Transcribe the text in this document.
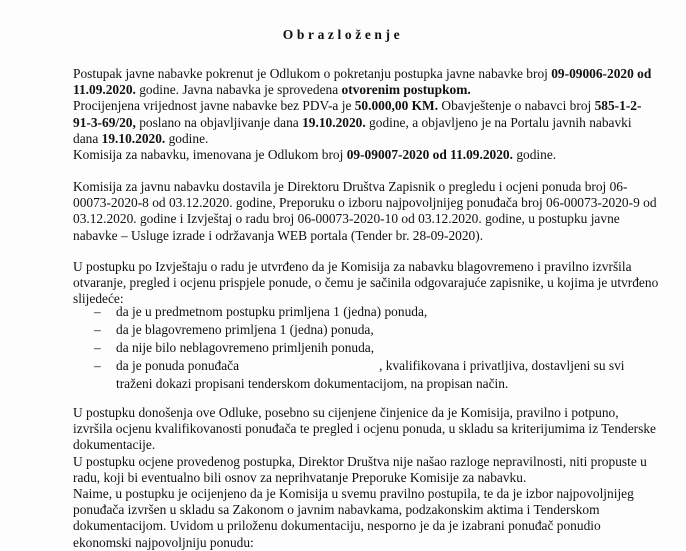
Obrazloženje
Postupak javne nabavke pokrenut je Odlukom o pokretanju postupka javne nabavke broj 09-09006-2020 od
11.09.2020. godine. Javna nabavka je sprovedena otvorenim postupkom.
Procijenjena vrijednost javne nabavke bez PDV-a je 50.000,00 KM. Obavještenje o nabavci broj 585-1-2-
91-3-69/20, poslano na objavljivanje dana 19.10.2020. godine, a objavljeno je na Portalu javnih nabavki
dana 19.10.2020. godine.
Komisija za nabavku, imenovana je Odlukom broj 09-09007-2020 od 11.09.2020. godine.
Komisija za javnu nabavku dostavila je Direktoru Društva Zapisnik o pregledu i ocjeni ponuda broj 06-
00073-2020-8 od 03.12.2020. godine, Preporuku o izboru najpovoljnijeg ponuđača broj 06-00073-2020-9 od
03.12.2020. godine i Izvještaj o radu broj 06-00073-2020-10 od 03.12.2020. godine, u postupku javne
nabavke – Usluge izrade i održavanja WEB portala (Tender br. 28-09-2020).
U postupku po Izvještaju o radu je utvrđeno da je Komisija za nabavku blagovremeno i pravilno izvršila
otvaranje, pregled i ocjenu prispjele ponude, o čemu je sačinila odgovarajuće zapisnike, u kojima je utvrđeno
slijedeće:
–	da je u predmetnom postupku primljena 1 (jedna) ponuda,
–	da je blagovremeno primljena 1 (jedna) ponuda,
–	da nije bilo neblagovremeno primljenih ponuda,
–	da je ponuda ponuđača	, kvalifikovana i privatljiva, dostavljeni su svi
traženi dokazi propisani tenderskom dokumentacijom, na propisan način.
U postupku donošenja ove Odluke, posebno su cijenjene činjenice da je Komisija, pravilno i potpuno,
izvršila ocjenu kvalifikovanosti ponuđača te pregled i ocjenu ponuda, u skladu sa kriterijumima iz Tenderske
dokumentacije.
U postupku ocjene provedenog postupka, Direktor Društva nije našao razloge nepravilnosti, niti propuste u
radu, koji bi eventualno bili osnov za neprihvatanje Preporuke Komisije za nabavku.
Naime, u postupku je ocijenjeno da je Komisija u svemu pravilno postupila, te da je izbor najpovoljnijeg
ponuđača izvršen u skladu sa Zakonom o javnim nabavkama, podzakonskim aktima i Tenderskom
dokumentacijom. Uvidom u priloženu dokumentaciju, nesporno je da je izabrani ponuđač ponudio
ekonomski najpovoljniju ponudu:
